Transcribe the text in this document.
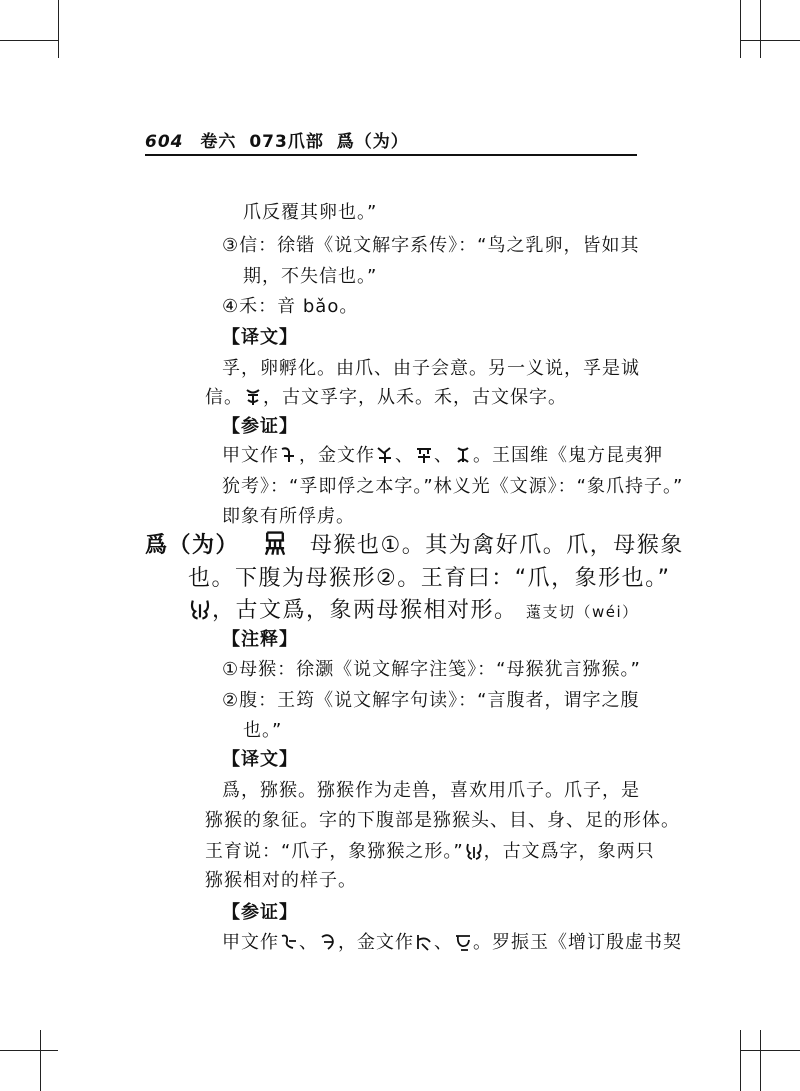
604 卷六 073爪部 爲（为）
爪反覆其卵也。”
③信：徐锴《说文解字系传》：“鸟之乳卵，皆如其
期，不失信也。”
④禾：音 bǎo。
【译文】
孚，卵孵化。由爪、由子会意。另一义说，孚是诚
信。 ，古文孚字，从禾。禾，古文保字。
【参证】
甲文作 ，金文作 、 、 。王国维《鬼方昆夷狎
狁考》：“孚即俘之本字。”林义光《文源》：“象爪持子。”
即象有所俘虏。
爲（为）	母猴也①。其为禽好爪。爪，母猴象
也。下腹为母猴形②。王育曰：“爪，象形也。”
，古文爲，象两母猴相对形。 薳支切（wéi）
【注释】
①母猴：徐灏《说文解字注笺》：“母猴犹言猕猴。”
②腹：王筠《说文解字句读》：“言腹者，谓字之腹
也。”
【译文】
爲，猕猴。猕猴作为走兽，喜欢用爪子。爪子，是
猕猴的象征。字的下腹部是猕猴头、目、身、足的形体。
王育说：“爪子，象猕猴之形。” ，古文爲字，象两只
猕猴相对的样子。
【参证】
甲文作 、 ，金文作 、 。罗振玉《增订殷虚书契
